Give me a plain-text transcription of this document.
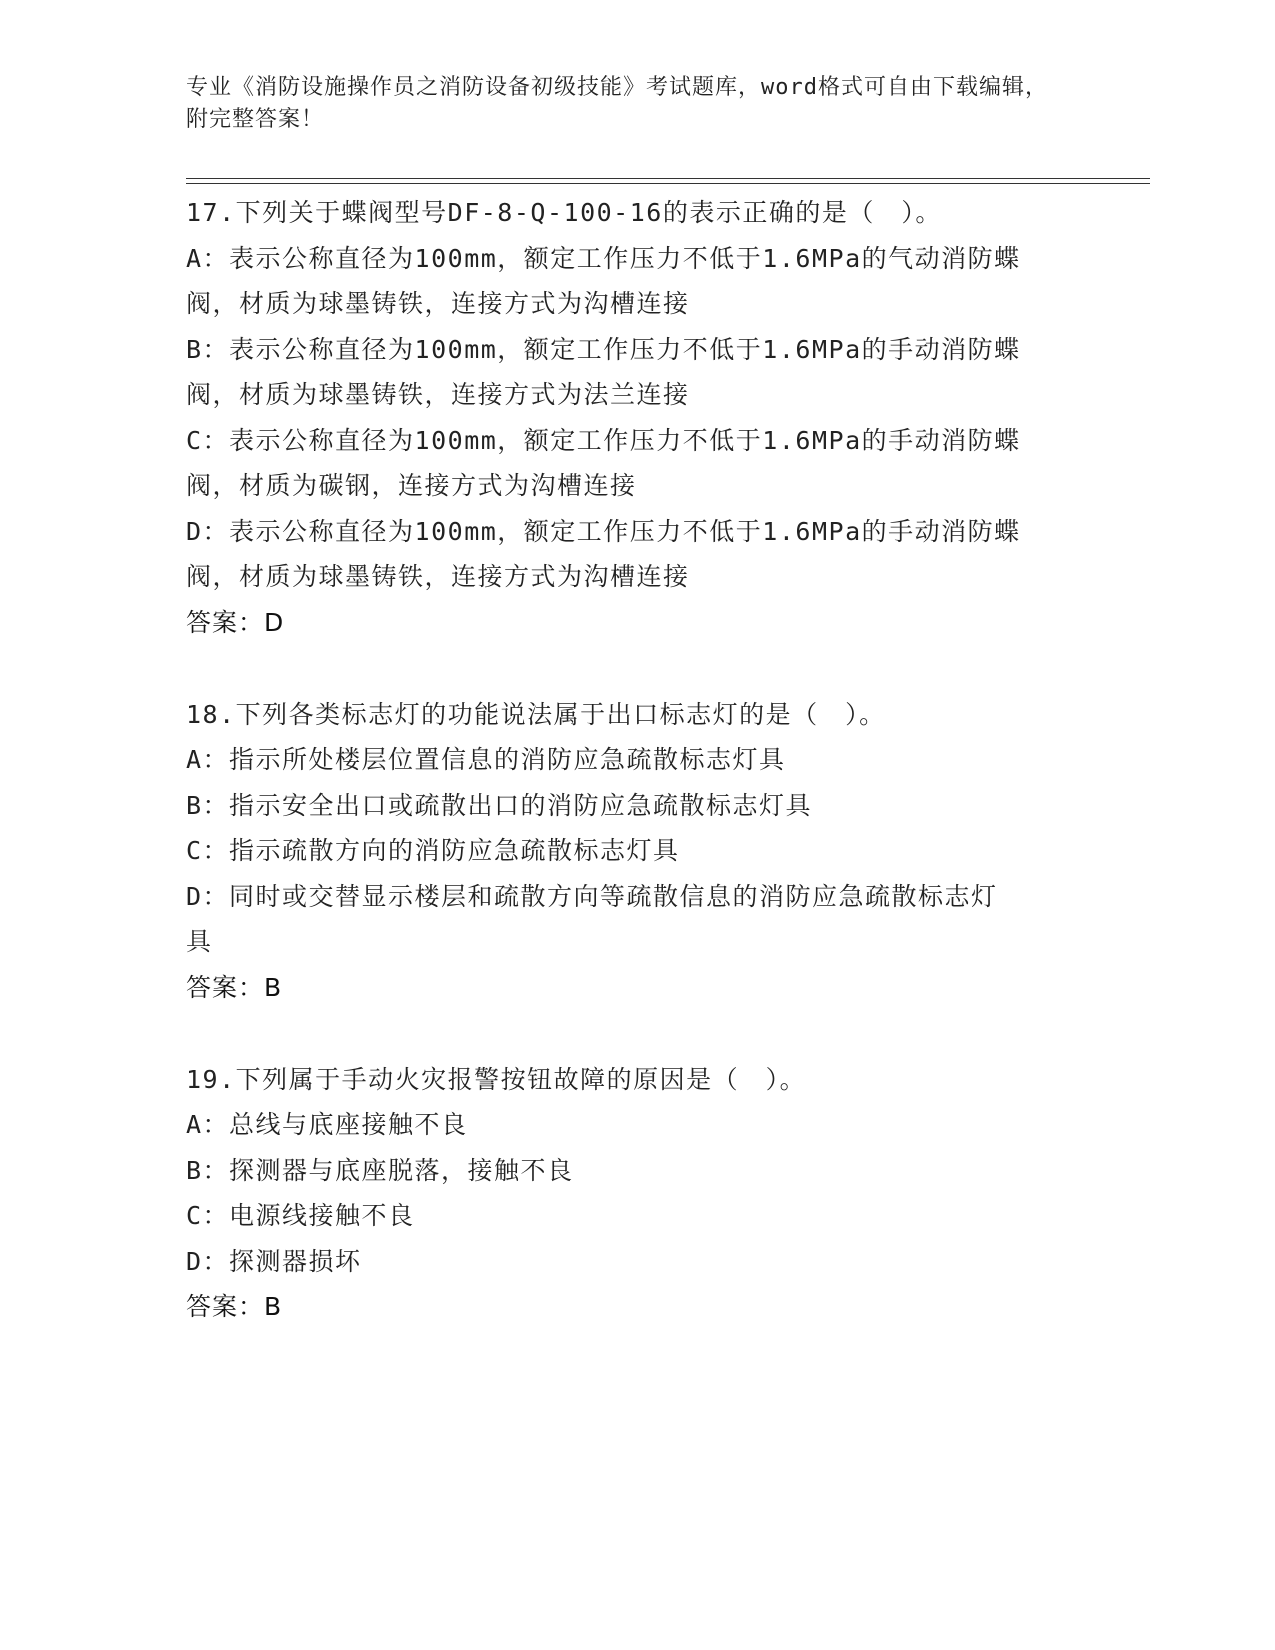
专业《消防设施操作员之消防设备初级技能》考试题库，word格式可自由下载编辑，附完整答案！
17.下列关于蝶阀型号DF-8-Q-100-16的表示正确的是（　）。
A：表示公称直径为100mm，额定工作压力不低于1.6MPa的气动消防蝶
阀，材质为球墨铸铁，连接方式为沟槽连接
B：表示公称直径为100mm，额定工作压力不低于1.6MPa的手动消防蝶
阀，材质为球墨铸铁，连接方式为法兰连接
C：表示公称直径为100mm，额定工作压力不低于1.6MPa的手动消防蝶
阀，材质为碳钢，连接方式为沟槽连接
D：表示公称直径为100mm，额定工作压力不低于1.6MPa的手动消防蝶
阀，材质为球墨铸铁，连接方式为沟槽连接
答案：D
18.下列各类标志灯的功能说法属于出口标志灯的是（　）。
A：指示所处楼层位置信息的消防应急疏散标志灯具
B：指示安全出口或疏散出口的消防应急疏散标志灯具
C：指示疏散方向的消防应急疏散标志灯具
D：同时或交替显示楼层和疏散方向等疏散信息的消防应急疏散标志灯
具
答案：B
19.下列属于手动火灾报警按钮故障的原因是（　）。
A：总线与底座接触不良
B：探测器与底座脱落，接触不良
C：电源线接触不良
D：探测器损坏
答案：B
